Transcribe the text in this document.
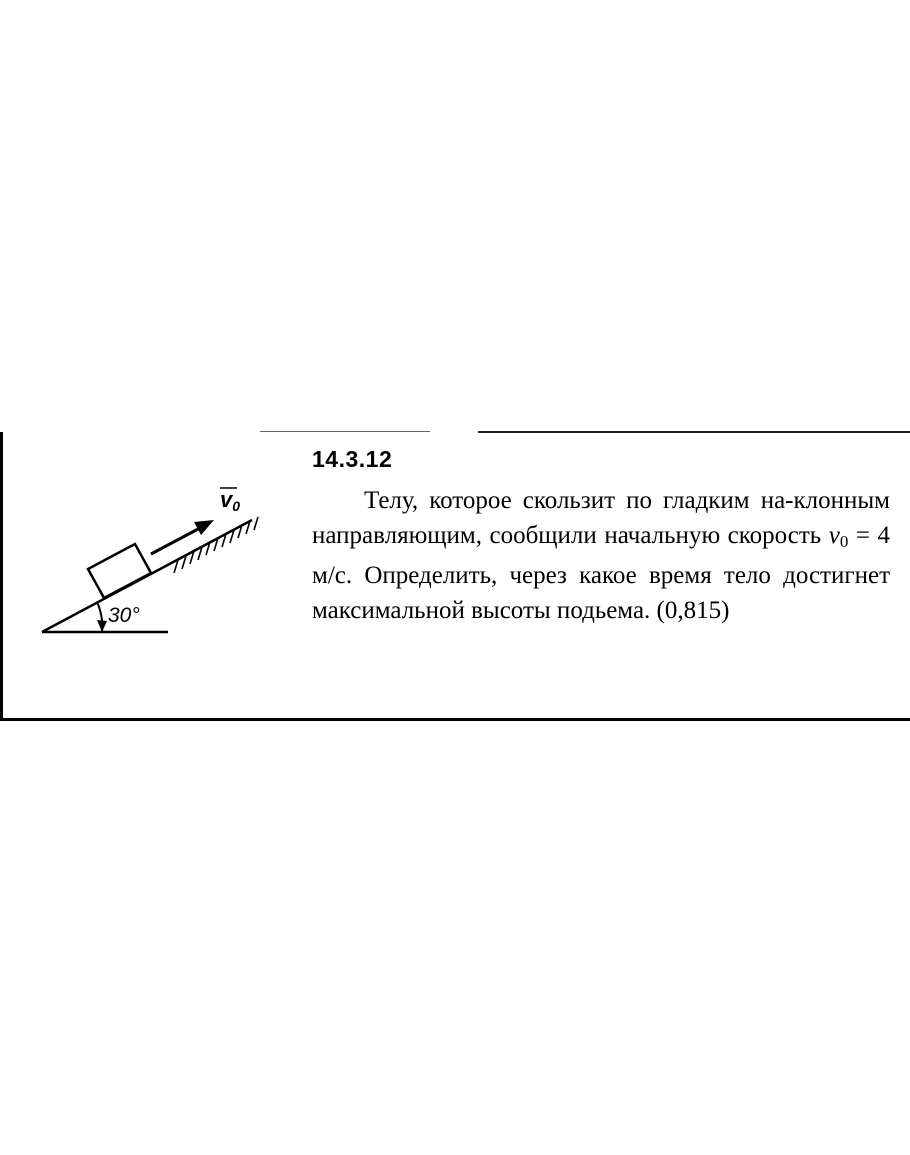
v0
30°
14.3.12
Телу, которое скользит по гладким на-клонным направляющим, сообщили начальную скорость $v_0 = 4$ м/с. Определить, через какое время тело достигнет максимальной высоты подьема. (0,815)
